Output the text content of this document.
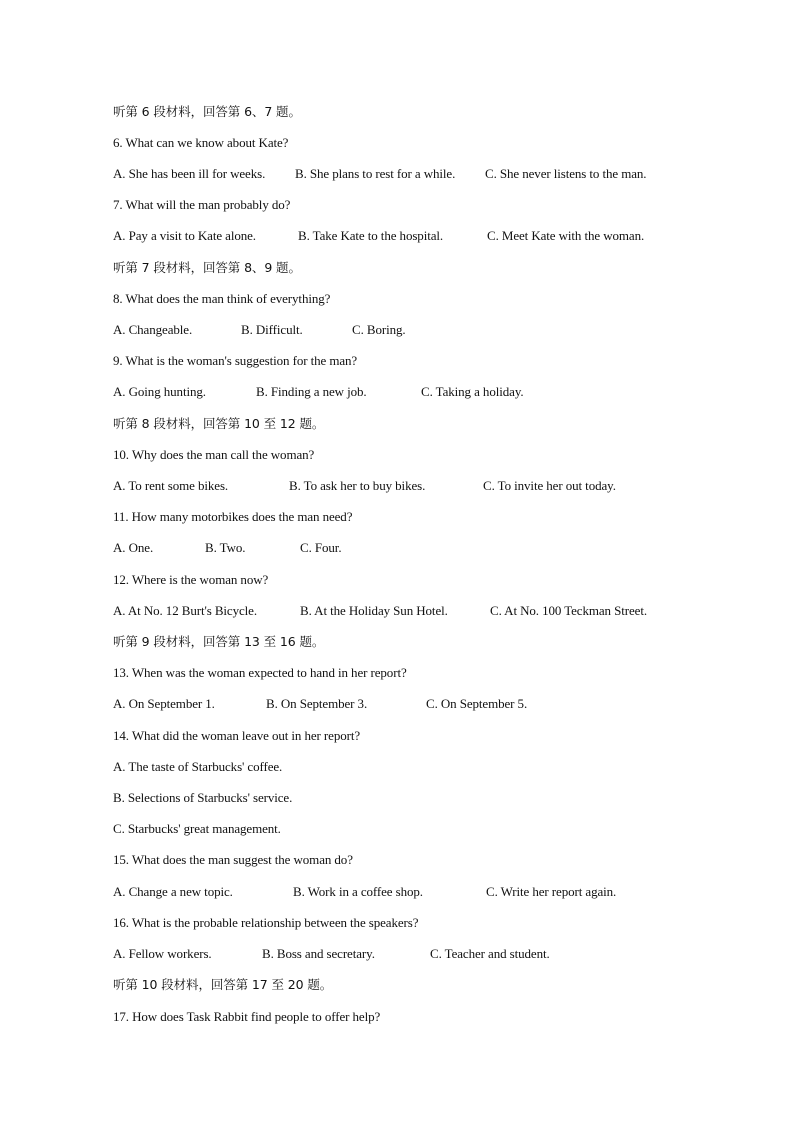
听第 6 段材料，回答第 6、7 题。
6. What can we know about Kate?
A. She has been ill for weeks. B. She plans to rest for a while. C. She never listens to the man.
7. What will the man probably do?
A. Pay a visit to Kate alone.	B. Take Kate to the hospital.	C. Meet Kate with the woman.
听第 7 段材料，回答第 8、9 题。
8. What does the man think of everything?
A. Changeable.	B. Difficult.	C. Boring.
9. What is the woman's suggestion for the man?
A. Going hunting.	B. Finding a new job.	C. Taking a holiday.
听第 8 段材料，回答第 10 至 12 题。
10. Why does the man call the woman?
A. To rent some bikes.	B. To ask her to buy bikes.	C. To invite her out today.
11. How many motorbikes does the man need?
A. One.	B. Two.	C. Four.
12. Where is the woman now?
A. At No. 12 Burt's Bicycle.	B. At the Holiday Sun Hotel.	C. At No. 100 Teckman Street.
听第 9 段材料，回答第 13 至 16 题。
13. When was the woman expected to hand in her report?
A. On September 1.	B. On September 3.	C. On September 5.
14. What did the woman leave out in her report?
A. The taste of Starbucks' coffee.
B. Selections of Starbucks' service.
C. Starbucks' great management.
15. What does the man suggest the woman do?
A. Change a new topic.	B. Work in a coffee shop.	C. Write her report again.
16. What is the probable relationship between the speakers?
A. Fellow workers.	B. Boss and secretary.	C. Teacher and student.
听第 10 段材料，回答第 17 至 20 题。
17. How does Task Rabbit find people to offer help?
